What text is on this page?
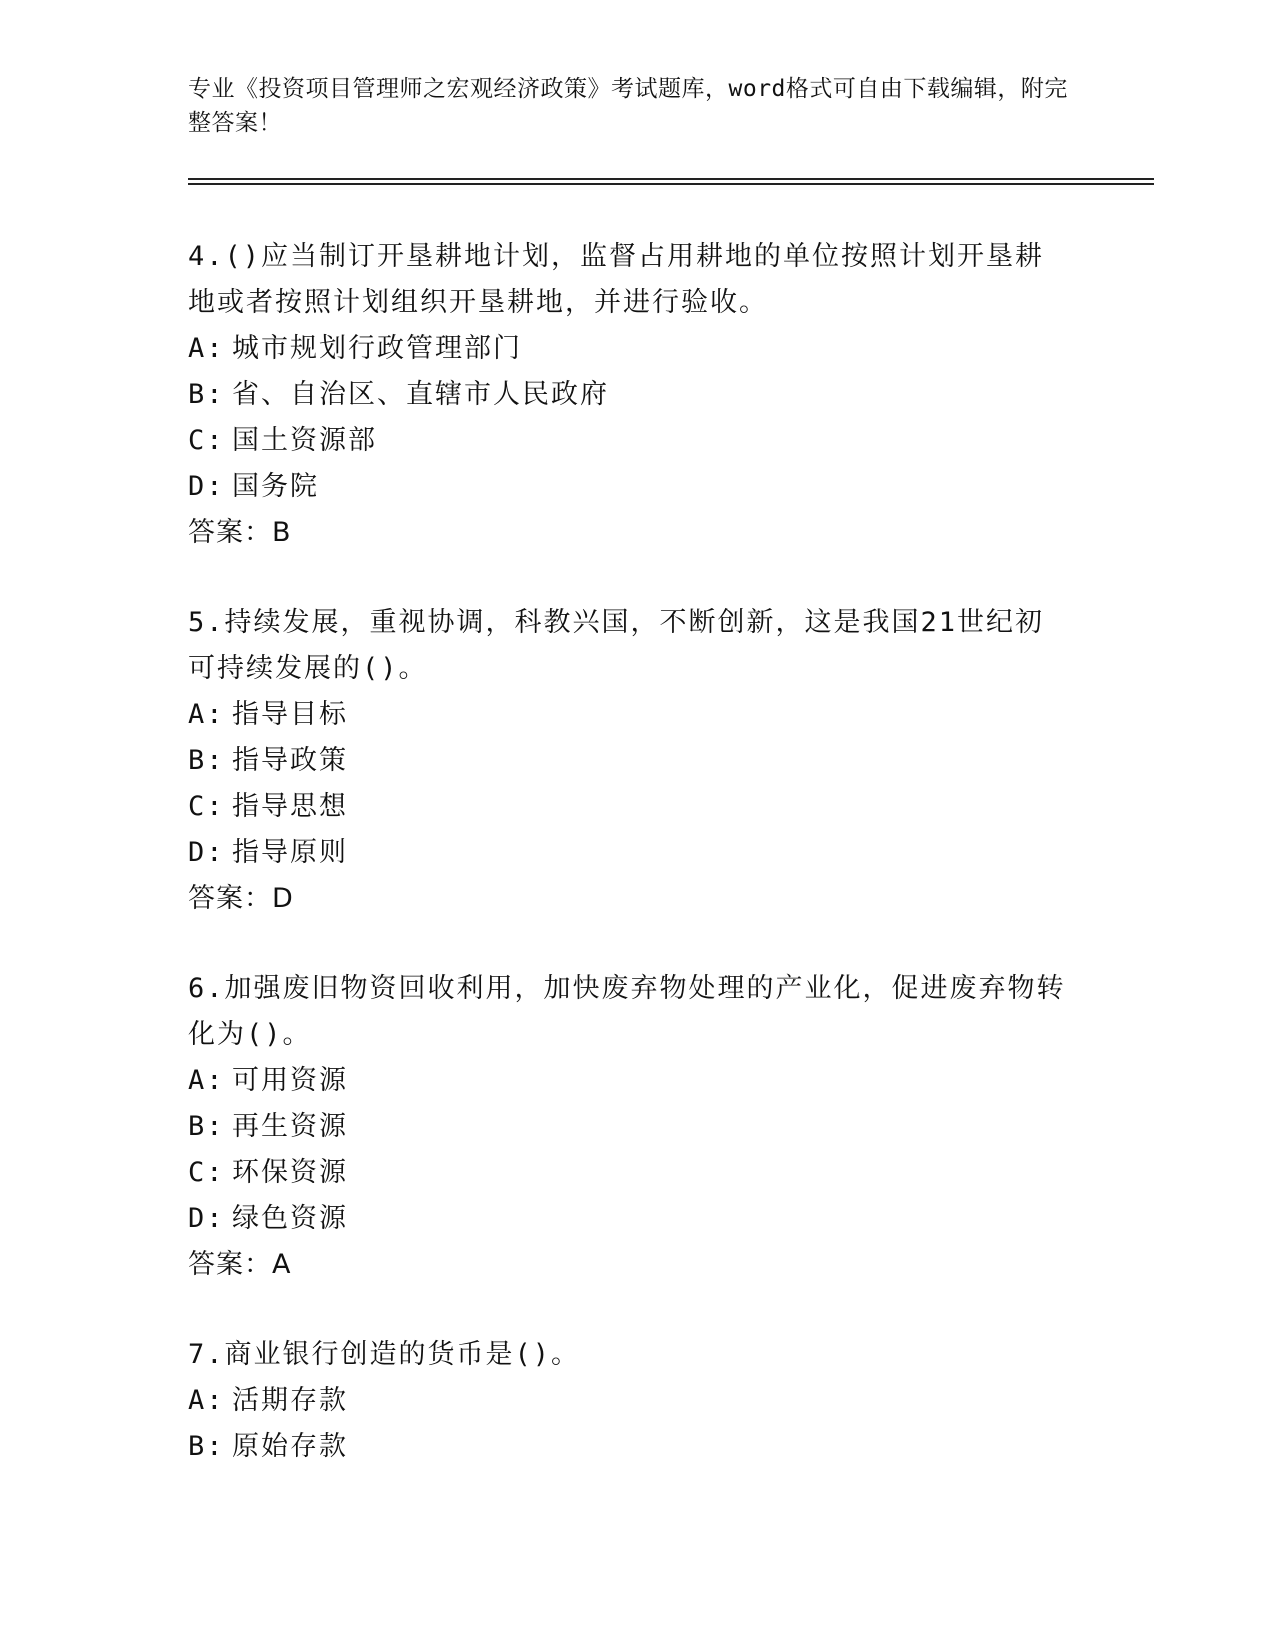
专业《投资项目管理师之宏观经济政策》考试题库，word格式可自由下载编辑，附完整答案！
4.()应当制订开垦耕地计划，监督占用耕地的单位按照计划开垦耕地或者按照计划组织开垦耕地，并进行验收。
A: 城市规划行政管理部门
B: 省、自治区、直辖市人民政府
C: 国土资源部
D: 国务院
答案：B
5.持续发展，重视协调，科教兴国，不断创新，这是我国21世纪初可持续发展的()。
A: 指导目标
B: 指导政策
C: 指导思想
D: 指导原则
答案：D
6.加强废旧物资回收利用，加快废弃物处理的产业化，促进废弃物转化为()。
A: 可用资源
B: 再生资源
C: 环保资源
D: 绿色资源
答案：A
7.商业银行创造的货币是()。
A: 活期存款
B: 原始存款
